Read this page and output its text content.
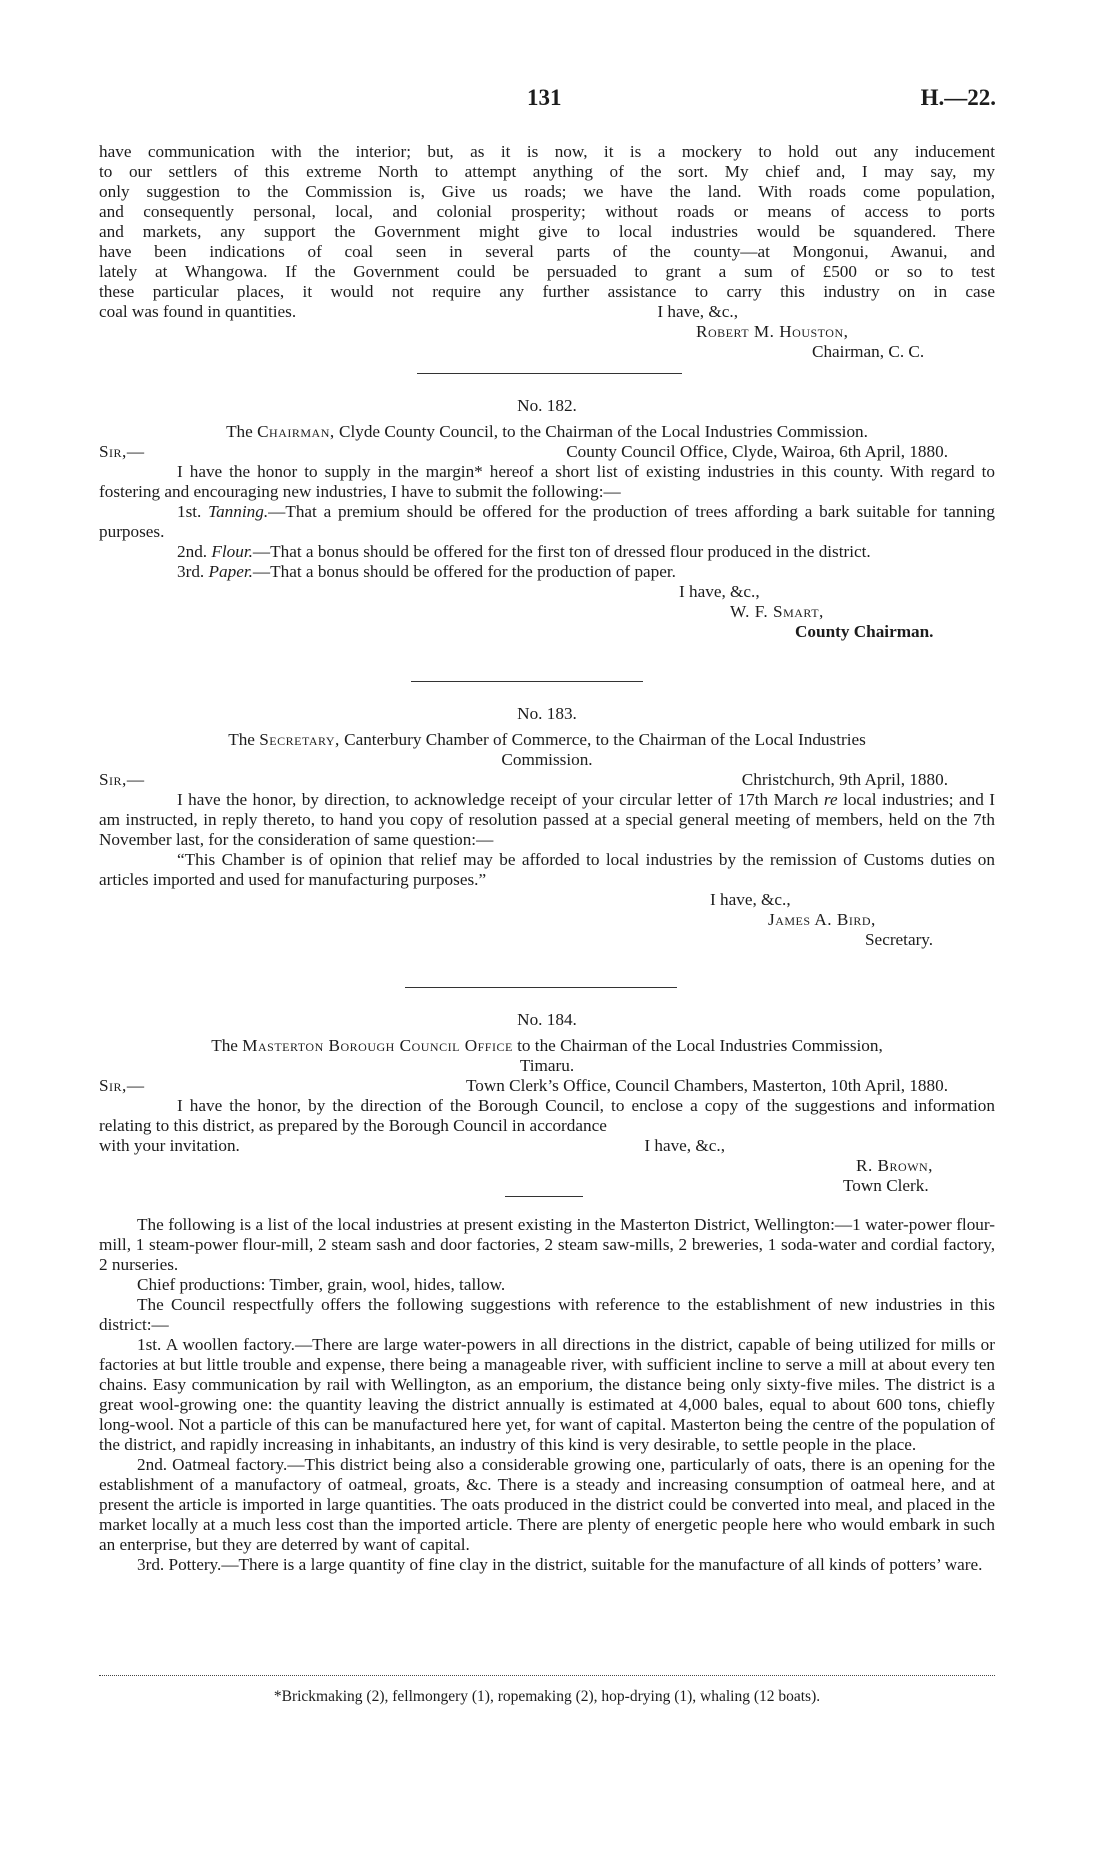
131	H.—22.

have communication with the interior; but, as it is now, it is a mockery to hold out any inducement

to our settlers of this extreme North to attempt anything of the sort. My chief and, I may say, my

only suggestion to the Commission is, Give us roads; we have the land. With roads come population,

and consequently personal, local, and colonial prosperity; without roads or means of access to ports

and markets, any support the Government might give to local industries would be squandered. There

have been indications of coal seen in several parts of the county—at Mongonui, Awanui, and

lately at Whangowa. If the Government could be persuaded to grant a sum of £500 or so to test

these particular places, it would not require any further assistance to carry this industry on in case

coal was found in quantities.	I have, &c.,
Robert M. Houston,
Chairman, C. C.
No. 182.
The Chairman, Clyde County Council, to the Chairman of the Local Industries Commission.
Sir,—	County Council Office, Clyde, Wairoa, 6th April, 1880.

I have the honor to supply in the margin* hereof a short list of existing industries in this county. With regard to fostering and encouraging new industries, I have to submit the following:—

1st. Tanning.—That a premium should be offered for the production of trees affording a bark suitable for tanning purposes.

2nd. Flour.—That a bonus should be offered for the first ton of dressed flour produced in the district.

3rd. Paper.—That a bonus should be offered for the production of paper.

I have, &c.,
W. F. Smart,
County Chairman.
No. 183.
The Secretary, Canterbury Chamber of Commerce, to the Chairman of the Local Industries
Commission.
Sir,—	Christchurch, 9th April, 1880.

I have the honor, by direction, to acknowledge receipt of your circular letter of 17th March re local industries; and I am instructed, in reply thereto, to hand you copy of resolution passed at a special general meeting of members, held on the 7th November last, for the consideration of same question:—

“This Chamber is of opinion that relief may be afforded to local industries by the remission of Customs duties on articles imported and used for manufacturing purposes.”

I have, &c.,
James A. Bird,
Secretary.
No. 184.
The Masterton Borough Council Office to the Chairman of the Local Industries Commission,
Timaru.
Sir,—	Town Clerk’s Office, Council Chambers, Masterton, 10th April, 1880.

I have the honor, by the direction of the Borough Council, to enclose a copy of the suggestions and information relating to this district, as prepared by the Borough Council in accordance

with your invitation.	I have, &c.,
R. Brown,
Town Clerk.

The following is a list of the local industries at present existing in the Masterton District, Wellington:—1 water-power flour-mill, 1 steam-power flour-mill, 2 steam sash and door factories, 2 steam saw-mills, 2 breweries, 1 soda-water and cordial factory, 2 nurseries.

Chief productions: Timber, grain, wool, hides, tallow.

The Council respectfully offers the following suggestions with reference to the establishment of new industries in this district:—

1st. A woollen factory.—There are large water-powers in all directions in the district, capable of being utilized for mills or factories at but little trouble and expense, there being a manageable river, with sufficient incline to serve a mill at about every ten chains. Easy communication by rail with Wellington, as an emporium, the distance being only sixty-five miles. The district is a great wool-growing one: the quantity leaving the district annually is estimated at 4,000 bales, equal to about 600 tons, chiefly long-wool. Not a particle of this can be manufactured here yet, for want of capital. Masterton being the centre of the population of the district, and rapidly increasing in inhabitants, an industry of this kind is very desirable, to settle people in the place.

2nd. Oatmeal factory.—This district being also a considerable growing one, particularly of oats, there is an opening for the establishment of a manufactory of oatmeal, groats, &c. There is a steady and increasing consumption of oatmeal here, and at present the article is imported in large quantities. The oats produced in the district could be converted into meal, and placed in the market locally at a much less cost than the imported article. There are plenty of energetic people here who would embark in such an enterprise, but they are deterred by want of capital.

3rd. Pottery.—There is a large quantity of fine clay in the district, suitable for the manufacture of all kinds of potters’ ware.

*Brickmaking (2), fellmongery (1), ropemaking (2), hop-drying (1), whaling (12 boats).
